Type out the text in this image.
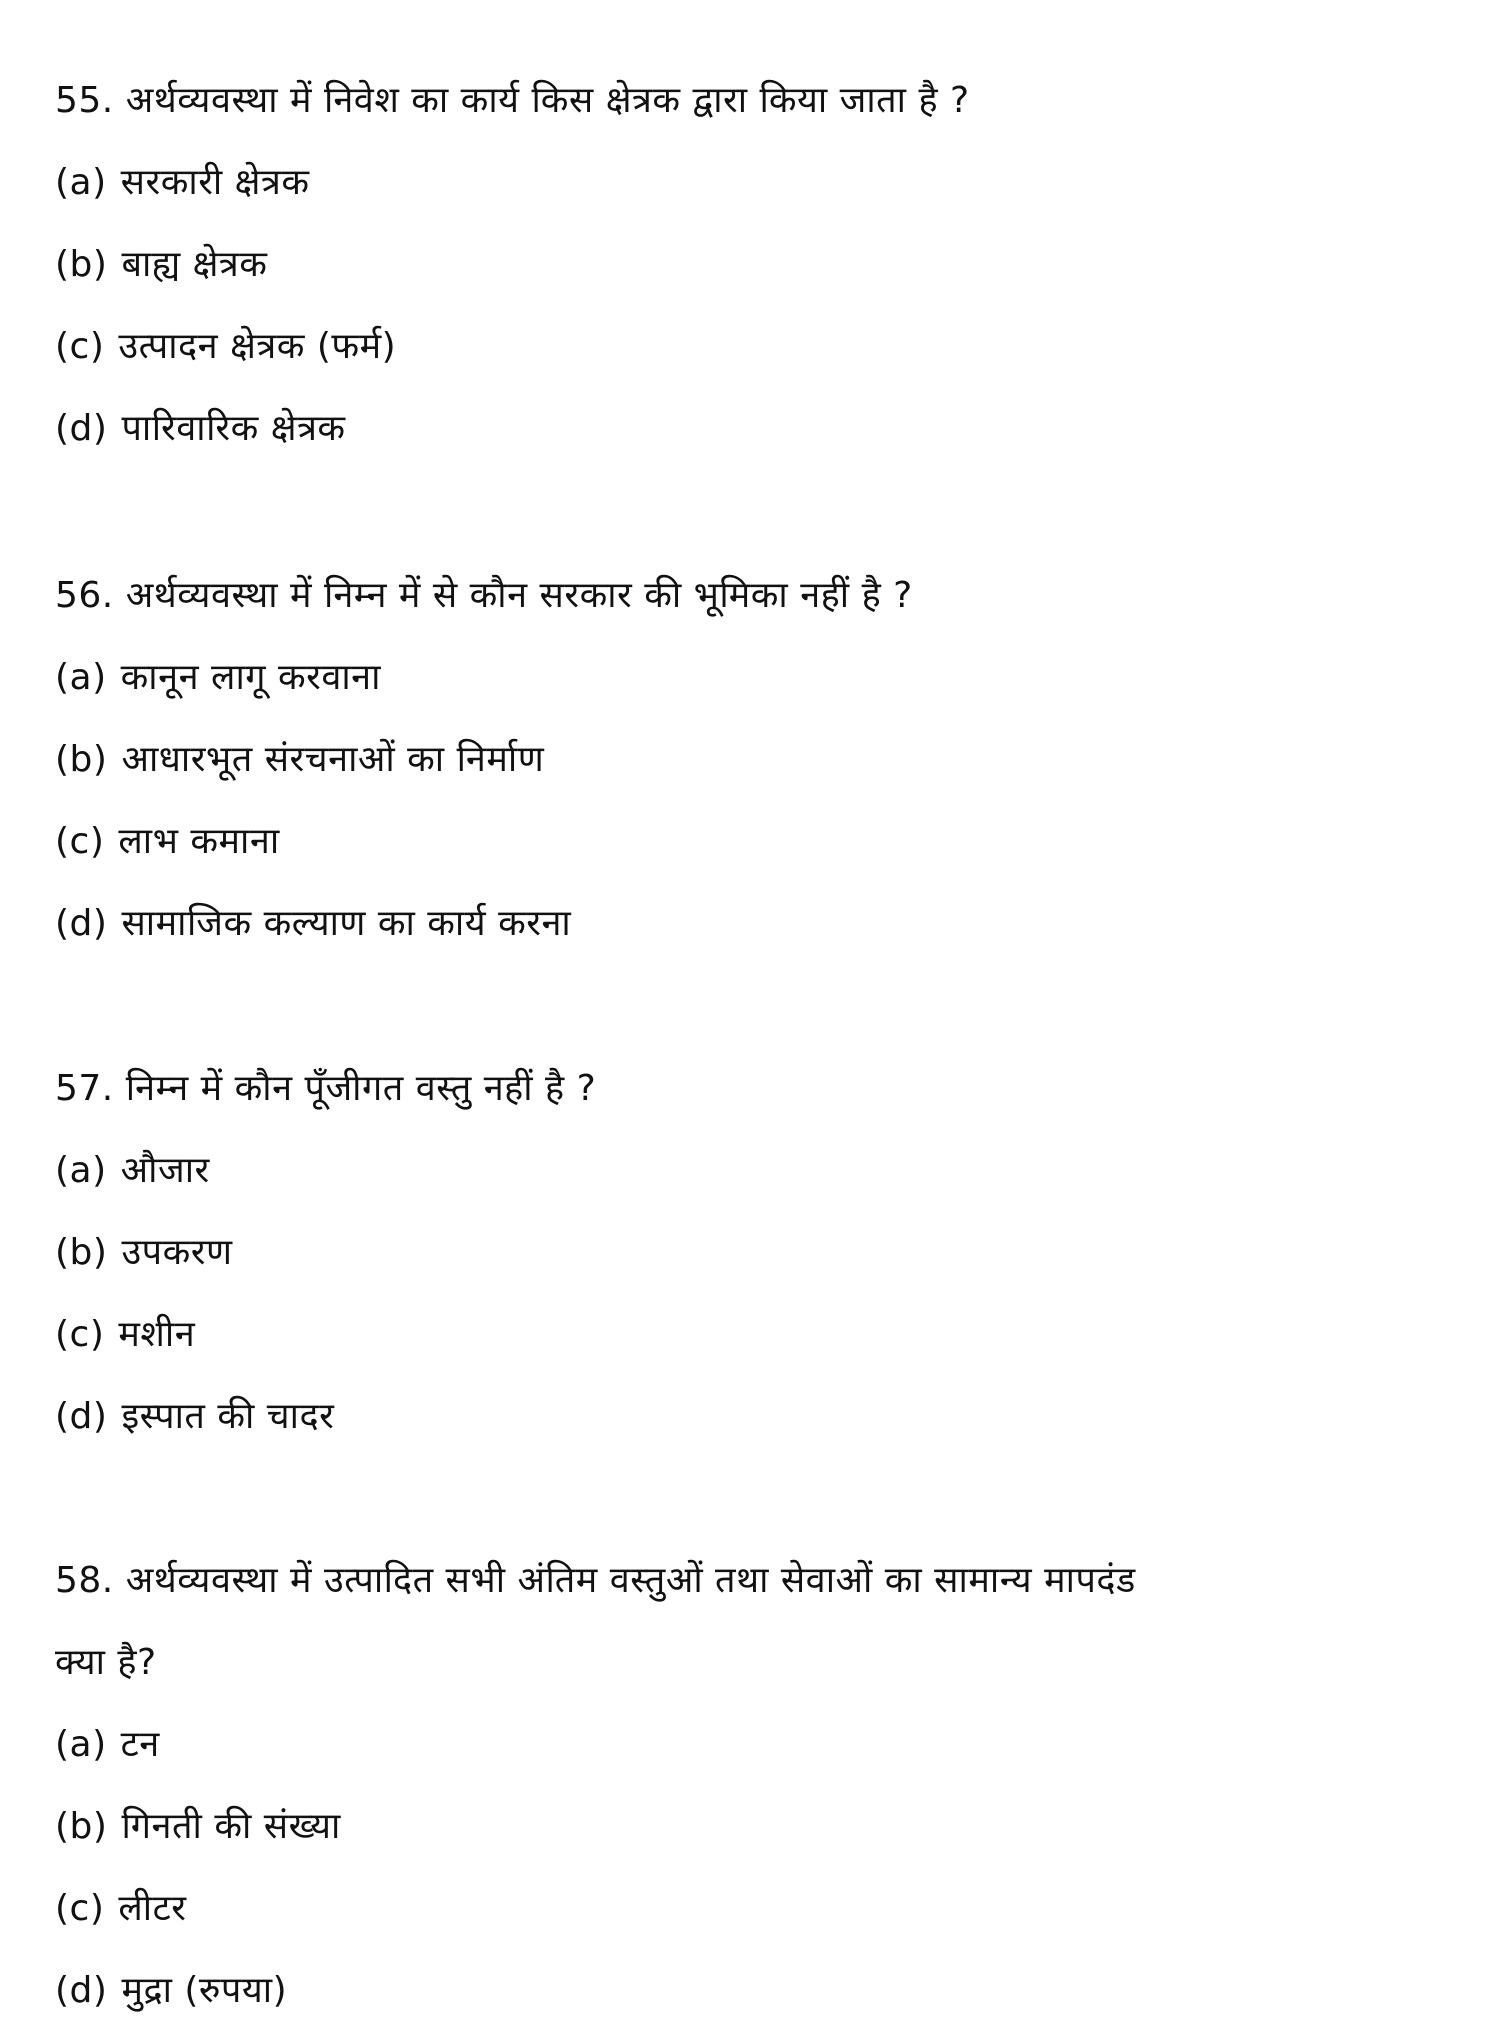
55. अर्थव्यवस्था में निवेश का कार्य किस क्षेत्रक द्वारा किया जाता है ?
(a) सरकारी क्षेत्रक
(b) बाह्य क्षेत्रक
(c) उत्पादन क्षेत्रक (फर्म)
(d) पारिवारिक क्षेत्रक
56. अर्थव्यवस्था में निम्न में से कौन सरकार की भूमिका नहीं है ?
(a) कानून लागू करवाना
(b) आधारभूत संरचनाओं का निर्माण
(c) लाभ कमाना
(d) सामाजिक कल्याण का कार्य करना
57. निम्न में कौन पूँजीगत वस्तु नहीं है ?
(a) औजार
(b) उपकरण
(c) मशीन
(d) इस्पात की चादर
58. अर्थव्यवस्था में उत्पादित सभी अंतिम वस्तुओं तथा सेवाओं का सामान्य मापदंड
क्या है?
(a) टन
(b) गिनती की संख्या
(c) लीटर
(d) मुद्रा (रुपया)
